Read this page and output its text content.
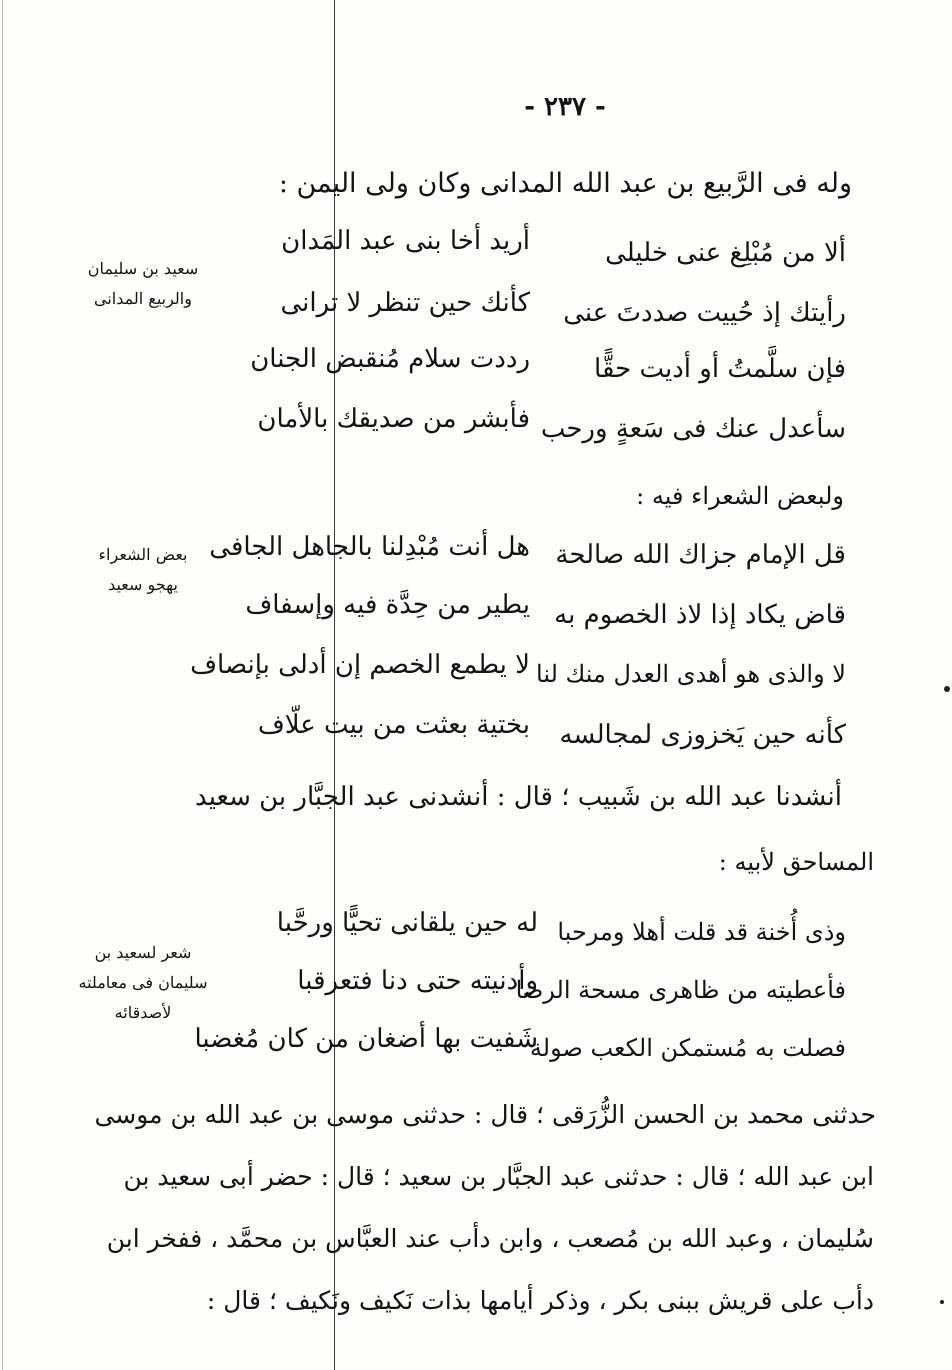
- ٢٣٧ -
وله فى الرَّبيع بن عبد الله المدانى وكان ولى اليمن :
ألا من مُبْلِغ عنى خليلى
أريد أخا بنى عبد المَدان
رأيتك إذ حُييت صددتَ عنى
كأنك حين تنظر لا ترانى
فإن سلَّمتُ أو أديت حقًّا
رددت سلام مُنقبض الجنان
سأعدل عنك فى سَعةٍ ورحب
فأبشر من صديقك بالأمان
ولبعض الشعراء فيه :
قل الإمام جزاك الله صالحة
هل أنت مُبْدِلنا بالجاهل الجافى
قاض يكاد إذا لاذ الخصوم به
يطير من حِدَّة فيه وإسفاف
لا والذى هو أهدى العدل منك لنا
لا يطمع الخصم إن أدلى بإنصاف
كأنه حين يَخزوزى لمجالسه
بختية بعثت من بيت علّاف
أنشدنا عبد الله بن شَبيب ؛ قال : أنشدنى عبد الجبَّار بن سعيد
المساحق لأبيه :
وذى أُخنة قد قلت أهلا ومرحبا
له حين يلقانى تحيًّا ورحَّبا
فأعطيته من ظاهرى مسحة الرضا
وأدنيته حتى دنا فتعرقبا
فصلت به مُستمكن الكعب صولة
شَفيت بها أضغان من كان مُغضبا
حدثنى محمد بن الحسن الزُّرَقى ؛ قال : حدثنى موسى بن عبد الله بن موسى
ابن عبد الله ؛ قال : حدثنى عبد الجبَّار بن سعيد ؛ قال : حضر أبى سعيد بن
سُليمان ، وعبد الله بن مُصعب ، وابن دأب عند العبَّاس بن محمَّد ، ففخر ابن
دأب على قريش ببنى بكر ، وذكر أيامها بذات نَكيف ونَكيف ؛ قال :
سعيد بن سليمان
والربيع المدانى
بعض الشعراء
يهجو سعيد
شعر لسعيد بن
سليمان فى معاملته
لأصدقائه
